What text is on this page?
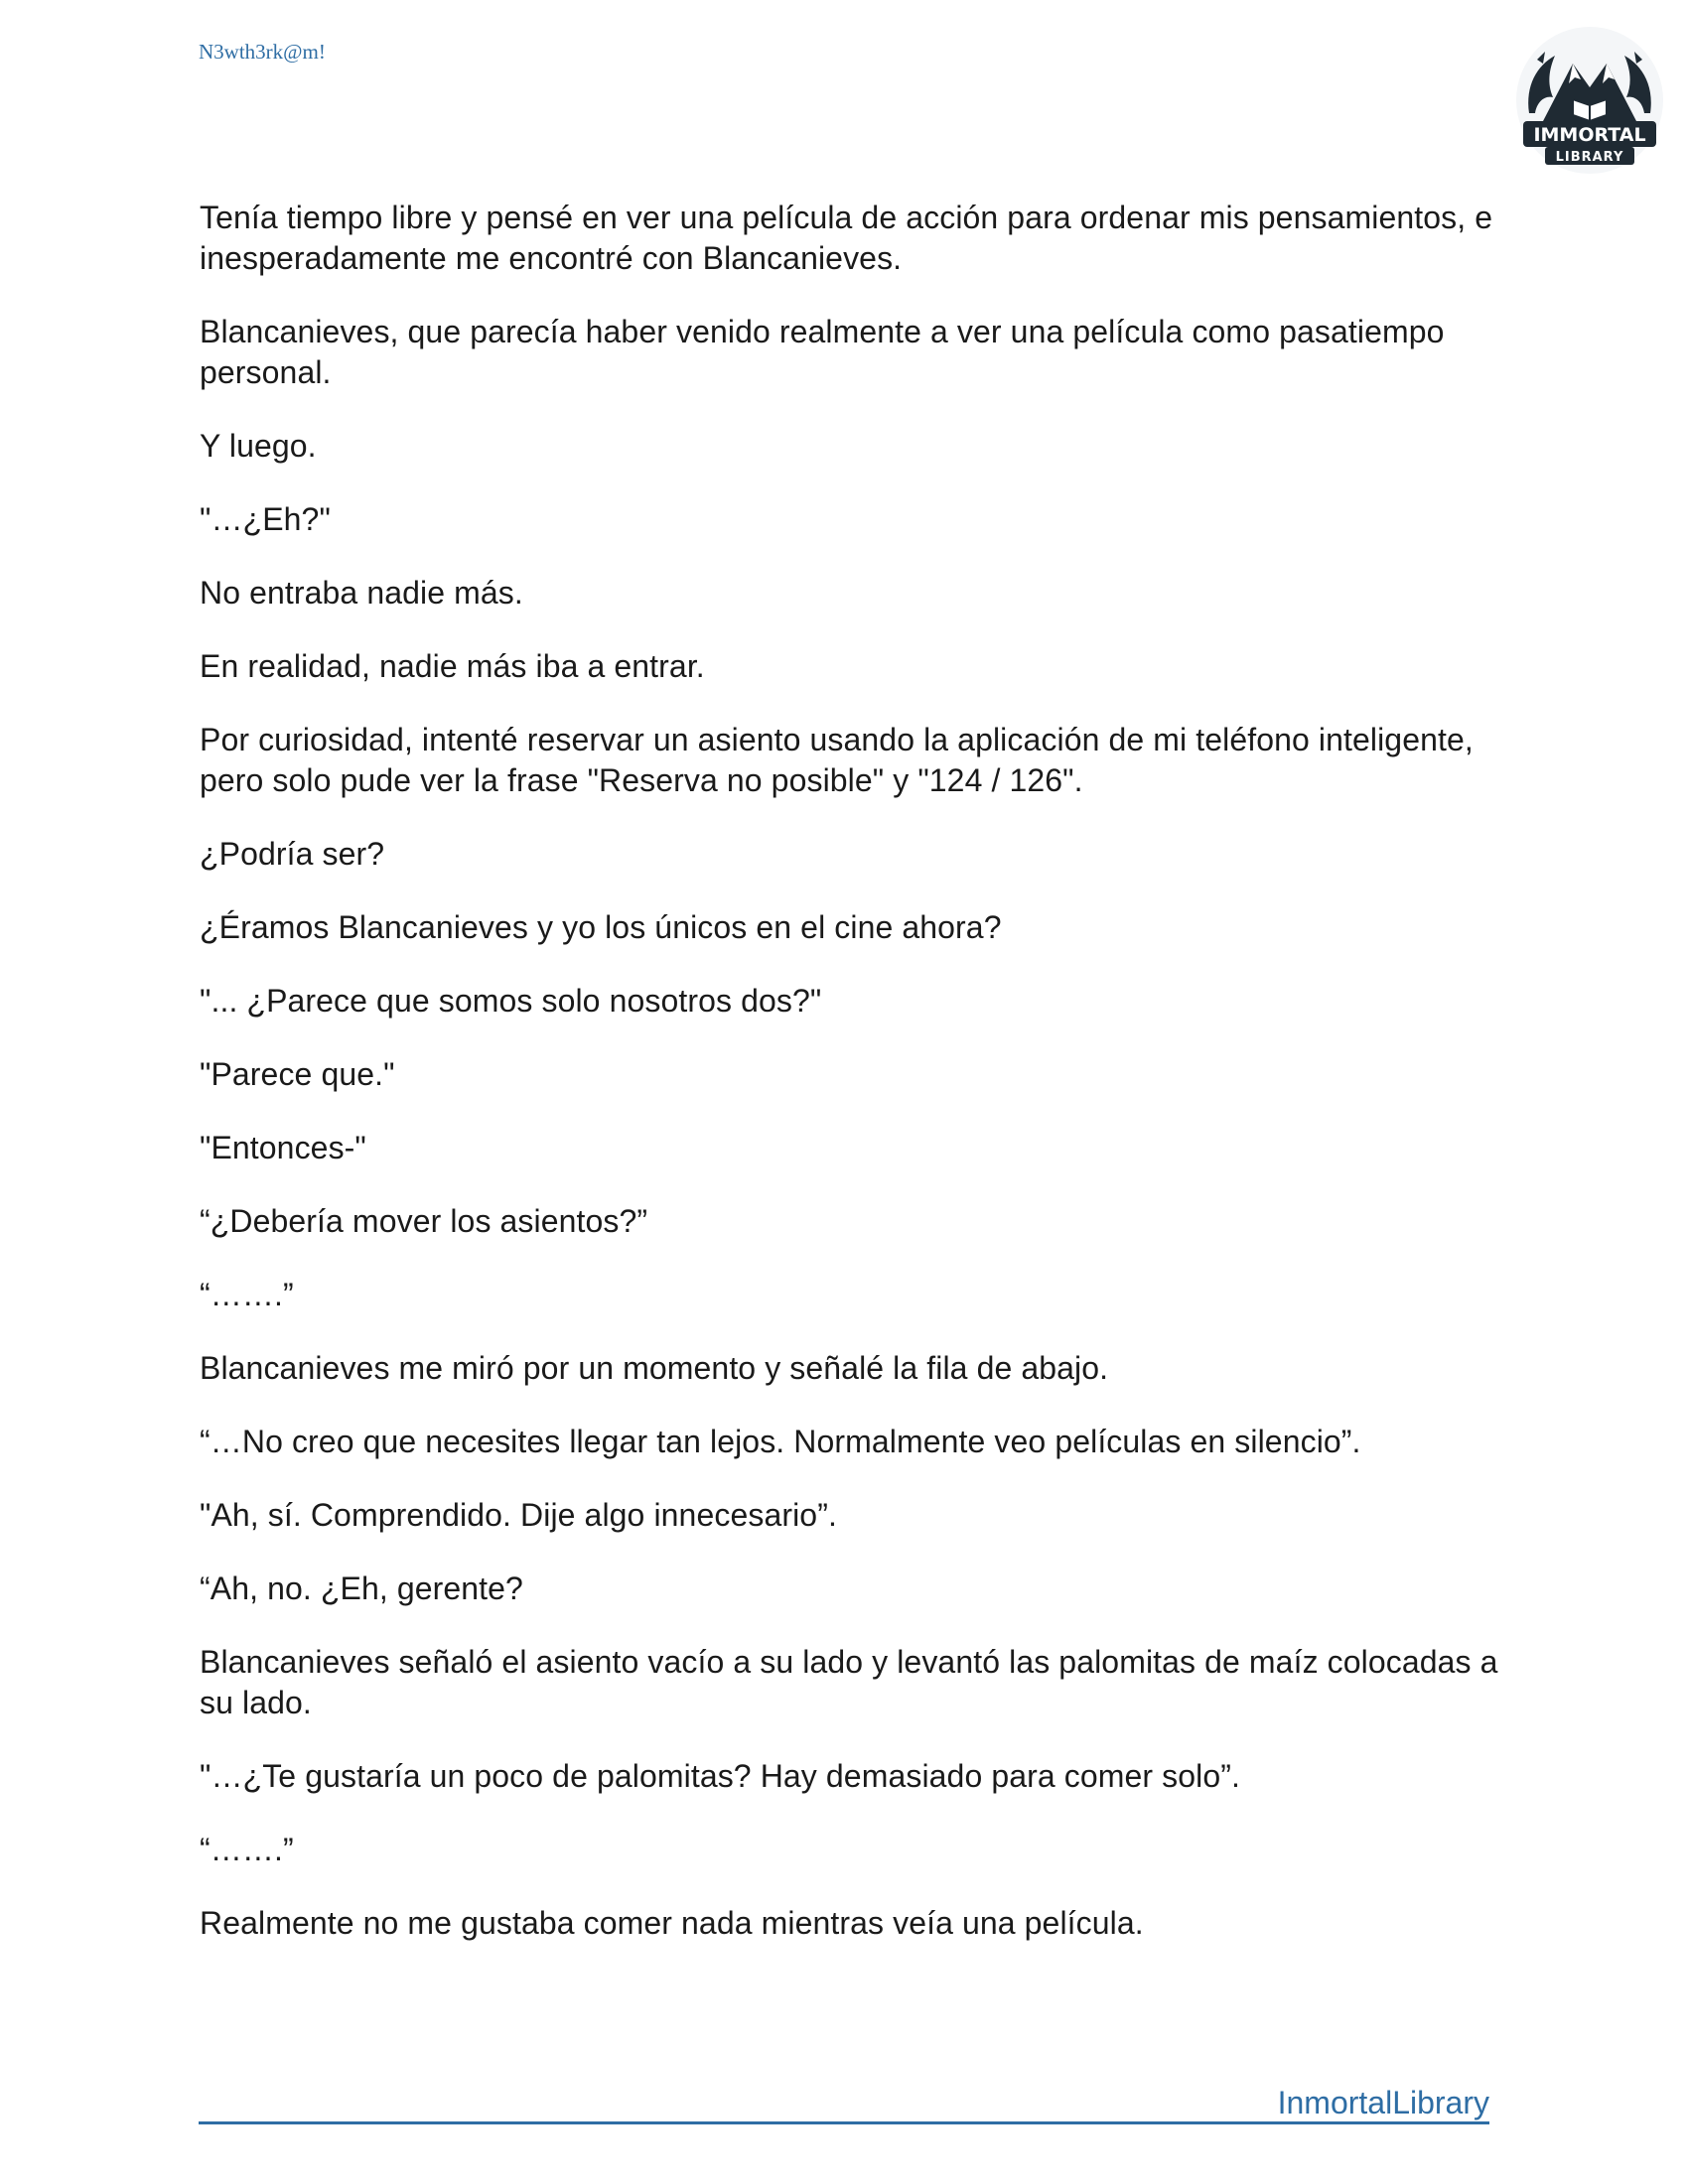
N3wth3rk@m!

IMMORTAL
LIBRARY

Tenía tiempo libre y pensé en ver una película de acción para ordenar mis pensamientos, e inesperadamente me encontré con Blancanieves.

Blancanieves, que parecía haber venido realmente a ver una película como pasatiempo personal.

Y luego.

"…¿Eh?"

No entraba nadie más.

En realidad, nadie más iba a entrar.

Por curiosidad, intenté reservar un asiento usando la aplicación de mi teléfono inteligente, pero solo pude ver la frase "Reserva no posible" y "124 / 126".

¿Podría ser?

¿Éramos Blancanieves y yo los únicos en el cine ahora?

"... ¿Parece que somos solo nosotros dos?"

"Parece que."

"Entonces-"

“¿Debería mover los asientos?”

“…….”

Blancanieves me miró por un momento y señalé la fila de abajo.

“…No creo que necesites llegar tan lejos. Normalmente veo películas en silencio”.

"Ah, sí. Comprendido. Dije algo innecesario”.

“Ah, no. ¿Eh, gerente?

Blancanieves señaló el asiento vacío a su lado y levantó las palomitas de maíz colocadas a su lado.

"…¿Te gustaría un poco de palomitas? Hay demasiado para comer solo”.

“…….”

Realmente no me gustaba comer nada mientras veía una película.

InmortalLibrary
